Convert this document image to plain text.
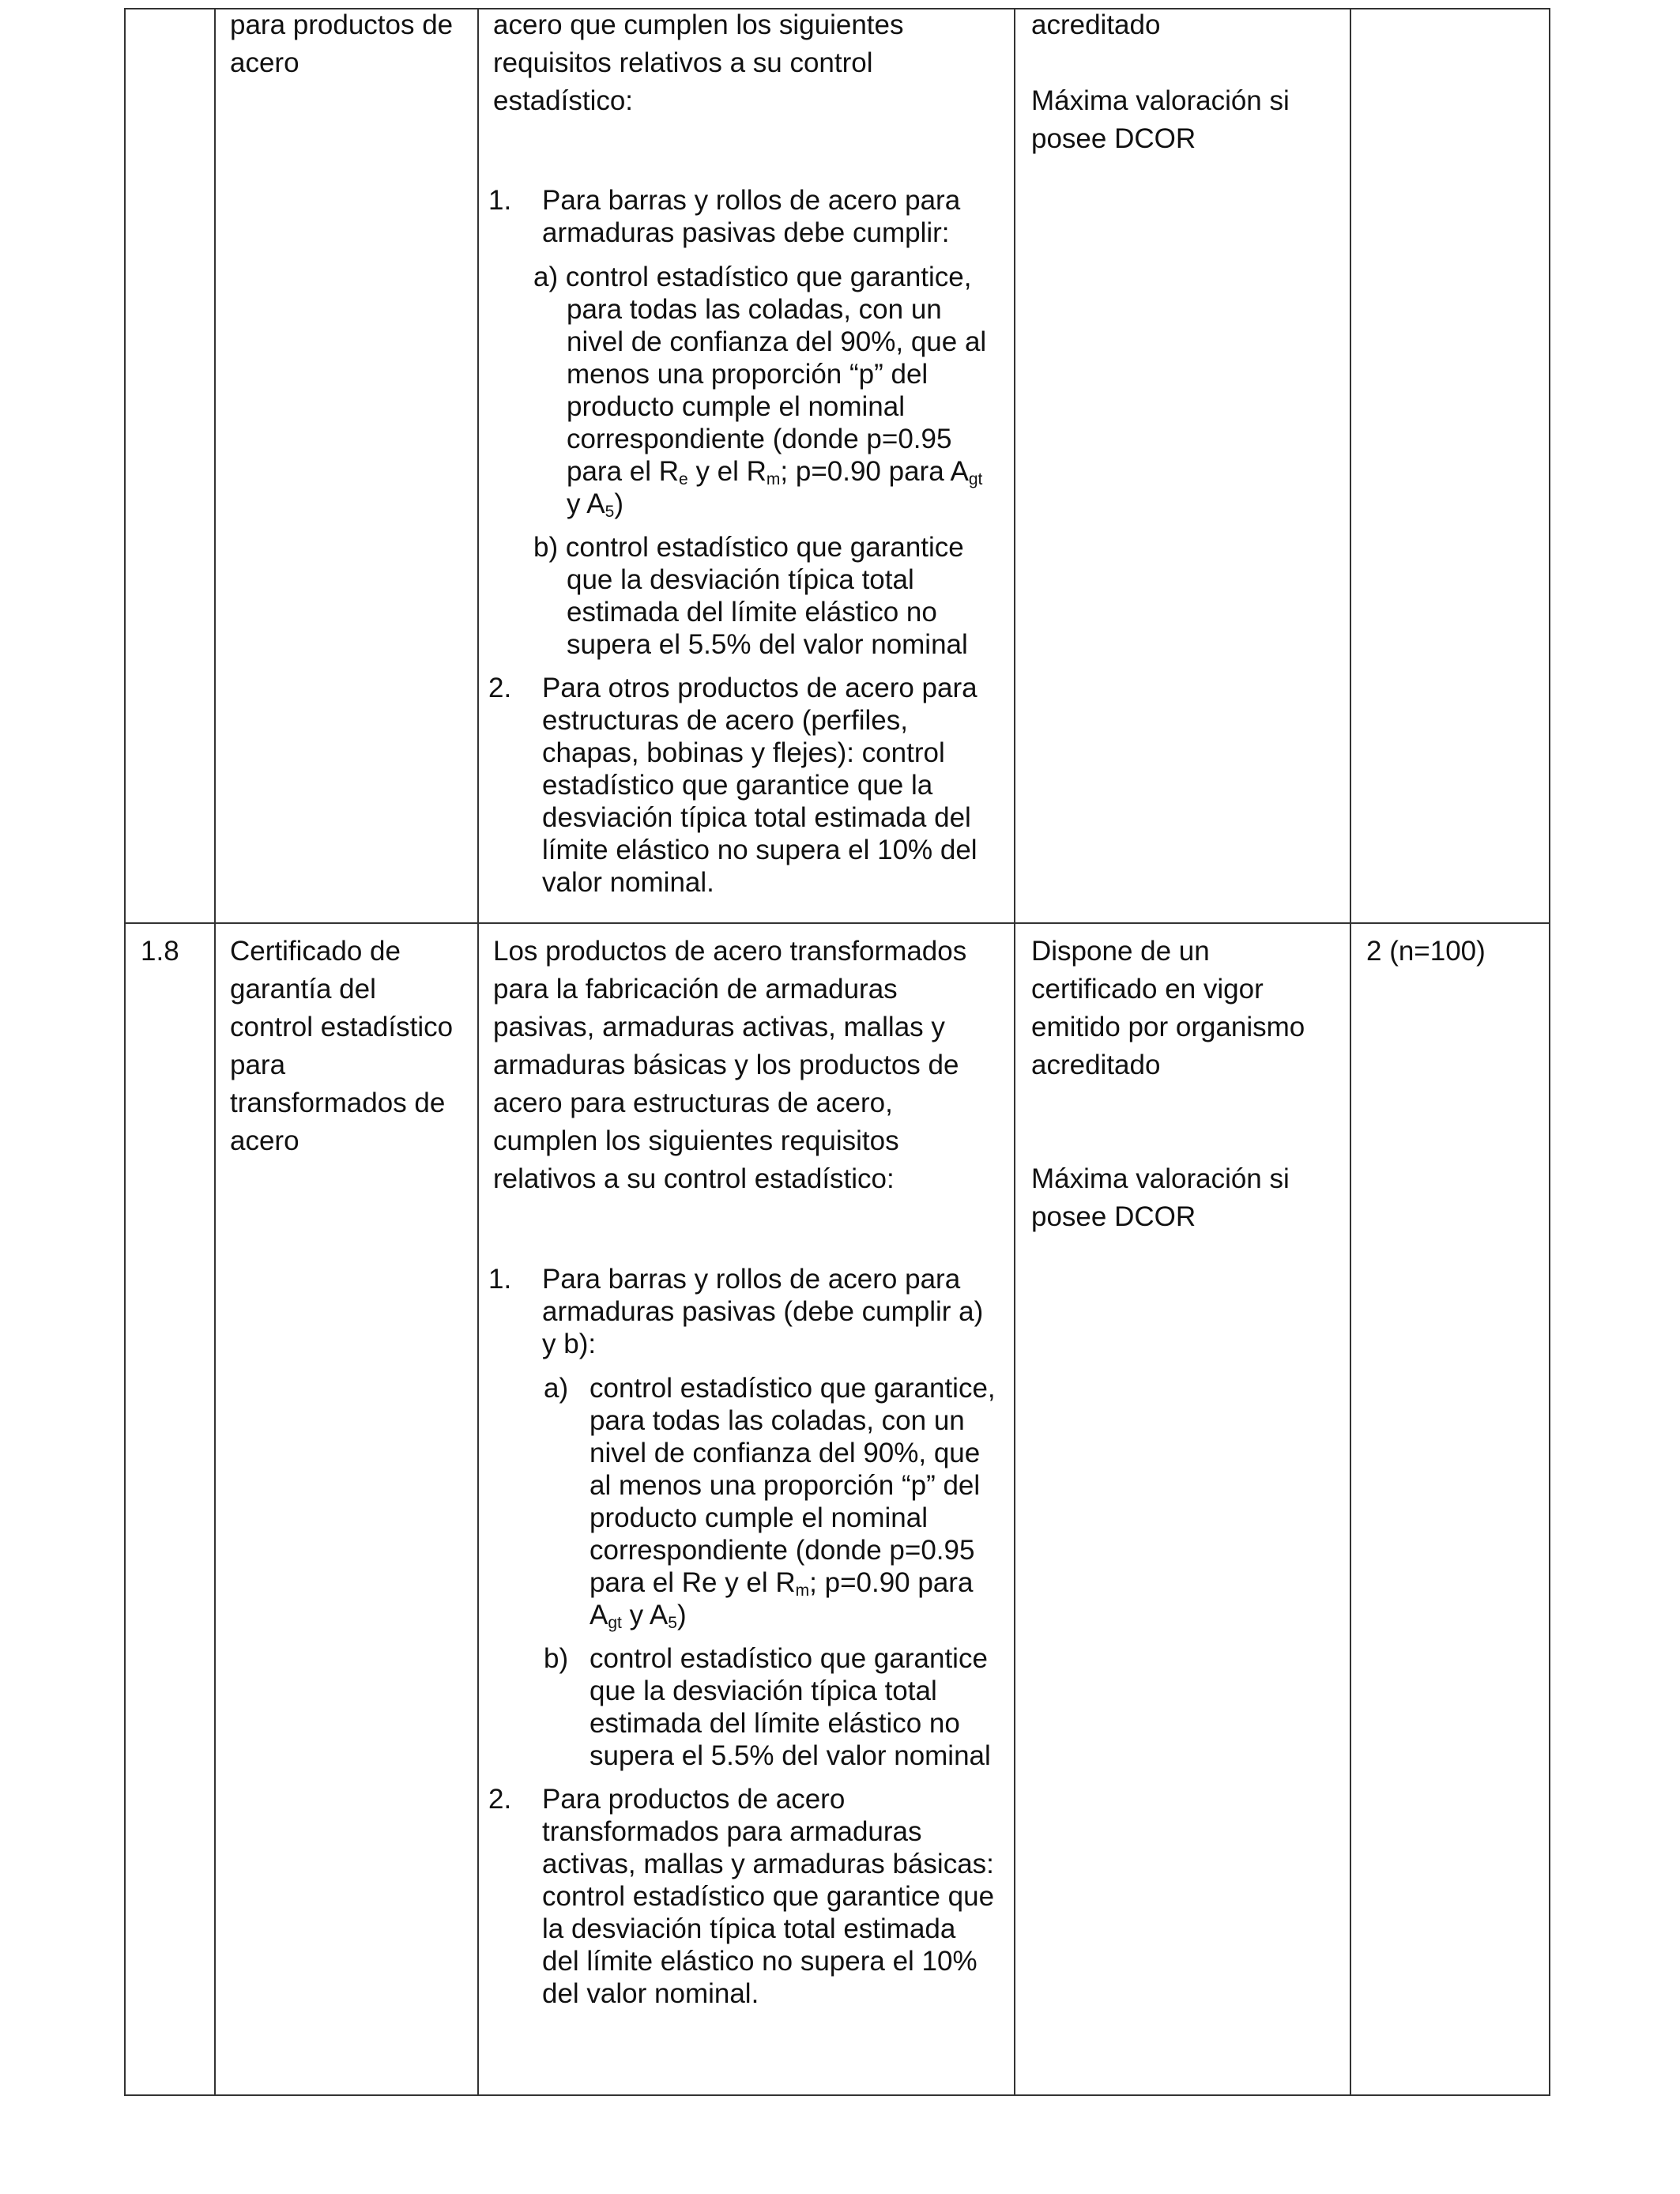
para productos de

acero

acero que cumplen los siguientes

requisitos relativos a su control

estadístico:

1. Para barras y rollos de acero para armaduras pasivas debe cumplir:
a) control estadístico que garantice, para todas las coladas, con un nivel de confianza del 90%, que al menos una proporción “p” del producto cumple el nominal correspondiente (donde p=0.95 para el $R_e$ y el $R_m$; p=0.90 para $A_{gt}$ y $A_5$)
b) control estadístico que garantice que la desviación típica total estimada del límite elástico no supera el 5.5% del valor nominal
2. Para otros productos de acero para estructuras de acero (perfiles, chapas, bobinas y flejes): control estadístico que garantice que la desviación típica total estimada del límite elástico no supera el 10% del valor nominal.

acreditado

Máxima valoración si

posee DCOR

1.8	Certificado de

garantía del

control estadístico

para

transformados de

acero

Los productos de acero transformados

para la fabricación de armaduras

pasivas, armaduras activas, mallas y

armaduras básicas y los productos de

acero para estructuras de acero,

cumplen los siguientes requisitos

relativos a su control estadístico:

1. Para barras y rollos de acero para armaduras pasivas (debe cumplir a) y b):
a) control estadístico que garantice, para todas las coladas, con un nivel de confianza del 90%, que al menos una proporción “p” del producto cumple el nominal correspondiente (donde p=0.95 para el Re y el $R_m$; p=0.90 para $A_{gt}$ y $A_5$)
b) control estadístico que garantice que la desviación típica total estimada del límite elástico no supera el 5.5% del valor nominal
2. Para productos de acero transformados para armaduras activas, mallas y armaduras básicas: control estadístico que garantice que la desviación típica total estimada del límite elástico no supera el 10% del valor nominal.

Dispone de un

certificado en vigor

emitido por organismo

acreditado

Máxima valoración si

posee DCOR

2 (n=100)
